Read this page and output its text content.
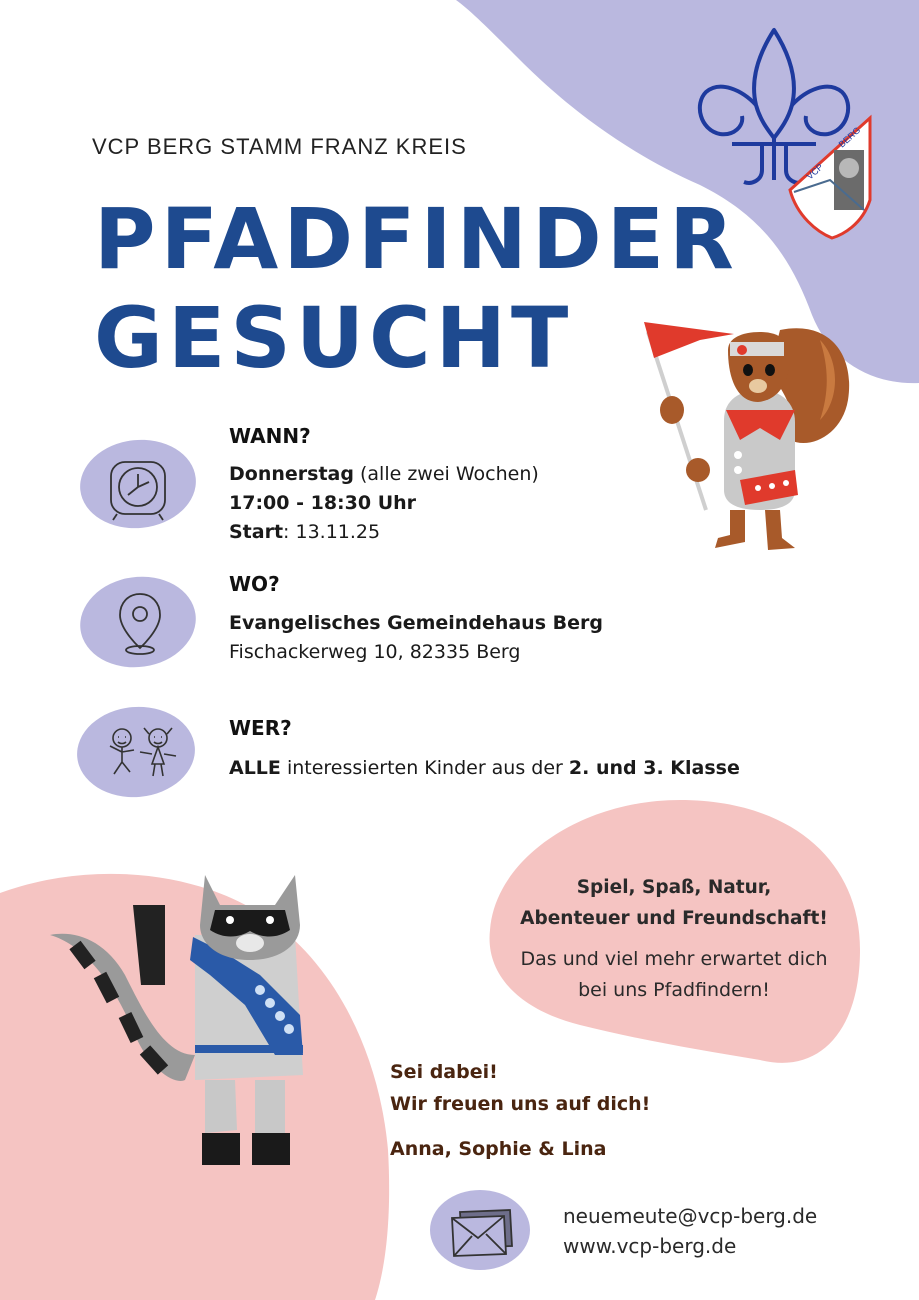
VCP
BERG
VCP BERG STAMM FRANZ KREIS
PFADFINDER
GESUCHT
WANN?
Donnerstag (alle zwei Wochen)
17:00 - 18:30 Uhr
Start: 13.11.25
WO?
Evangelisches Gemeindehaus Berg
Fischackerweg 10, 82335 Berg
WER?
ALLE interessierten Kinder aus der 2. und 3. Klasse
Spiel, Spaß, Natur,
Abenteuer und Freundschaft!
Das und viel mehr erwartet dich
bei uns Pfadfindern!
Sei dabei!
Wir freuen uns auf dich!
Anna, Sophie & Lina
neuemeute@vcp-berg.de
www.vcp-berg.de
